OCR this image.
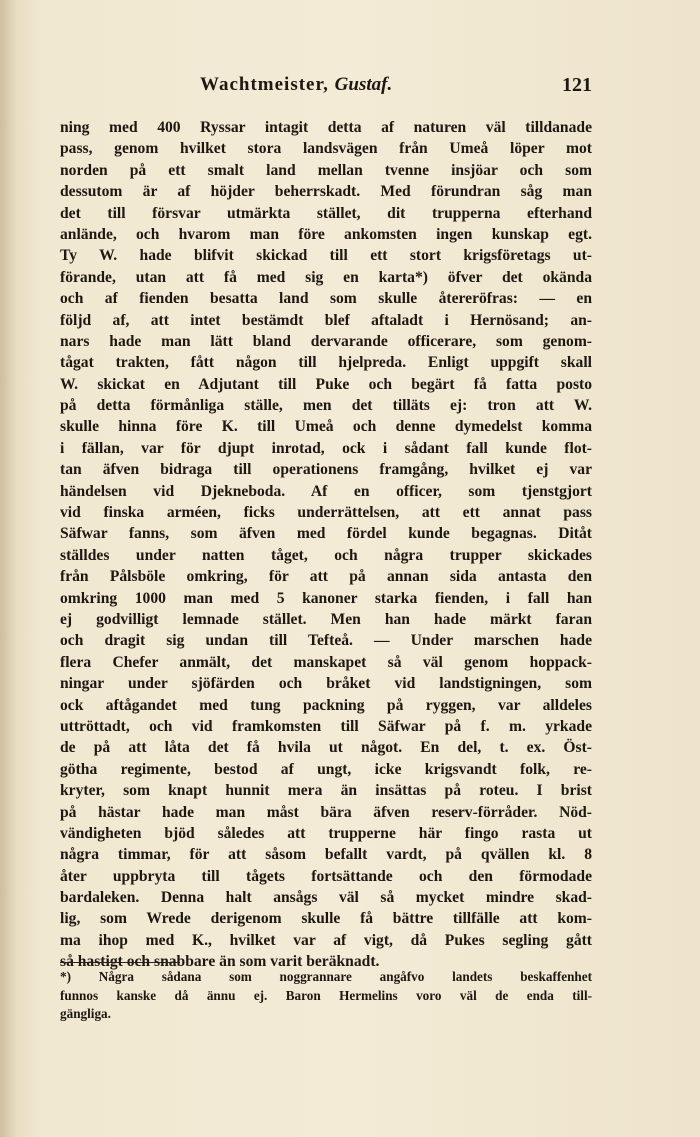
Wachtmeister, Gustaf.	121
ning med 400 Ryssar intagit detta af naturen väl tilldanade
pass, genom hvilket stora landsvägen från Umeå löper mot
norden på ett smalt land mellan tvenne insjöar och som
dessutom är af höjder beherrskadt. Med förundran såg man
det till försvar utmärkta stället, dit trupperna efterhand
anlände, och hvarom man före ankomsten ingen kunskap egt.
Ty W. hade blifvit skickad till ett stort krigsföretags ut-
förande, utan att få med sig en karta*) öfver det okända
och af fienden besatta land som skulle återeröfras: — en
följd af, att intet bestämdt blef aftaladt i Hernösand; an-
nars hade man lätt bland dervarande officerare, som genom-
tågat trakten, fått någon till hjelpreda. Enligt uppgift skall
W. skickat en Adjutant till Puke och begärt få fatta posto
på detta förmånliga ställe, men det tilläts ej: tron att W.
skulle hinna före K. till Umeå och denne dymedelst komma
i fällan, var för djupt inrotad, ock i sådant fall kunde flot-
tan äfven bidraga till operationens framgång, hvilket ej var
händelsen vid Djekneboda. Af en officer, som tjenstgjort
vid finska arméen, ficks underrättelsen, att ett annat pass
Säfwar fanns, som äfven med fördel kunde begagnas. Ditåt
ställdes under natten tåget, och några trupper skickades
från Pålsböle omkring, för att på annan sida antasta den
omkring 1000 man med 5 kanoner starka fienden, i fall han
ej godvilligt lemnade stället. Men han hade märkt faran
och dragit sig undan till Tefteå. — Under marschen hade
flera Chefer anmält, det manskapet så väl genom hoppack-
ningar under sjöfärden och bråket vid landstigningen, som
ock aftågandet med tung packning på ryggen, var alldeles
uttröttadt, och vid framkomsten till Säfwar på f. m. yrkade
de på att låta det få hvila ut något. En del, t. ex. Öst-
götha regimente, bestod af ungt, icke krigsvandt folk, re-
kryter, som knapt hunnit mera än insättas på roteu. I brist
på hästar hade man måst bära äfven reserv-förråder. Nöd-
vändigheten bjöd således att trupperne här fingo rasta ut
några timmar, för att såsom befallt vardt, på qvällen kl. 8
åter uppbryta till tågets fortsättande och den förmodade
bardaleken. Denna halt ansågs väl så mycket mindre skad-
lig, som Wrede derigenom skulle få bättre tillfälle att kom-
ma ihop med K., hvilket var af vigt, då Pukes segling gått
så hastigt och snabbare än som varit beräknadt.
*) Några sådana som noggrannare angåfvo landets beskaffenhet
funnos kanske då ännu ej. Baron Hermelins voro väl de enda till-
gängliga.
